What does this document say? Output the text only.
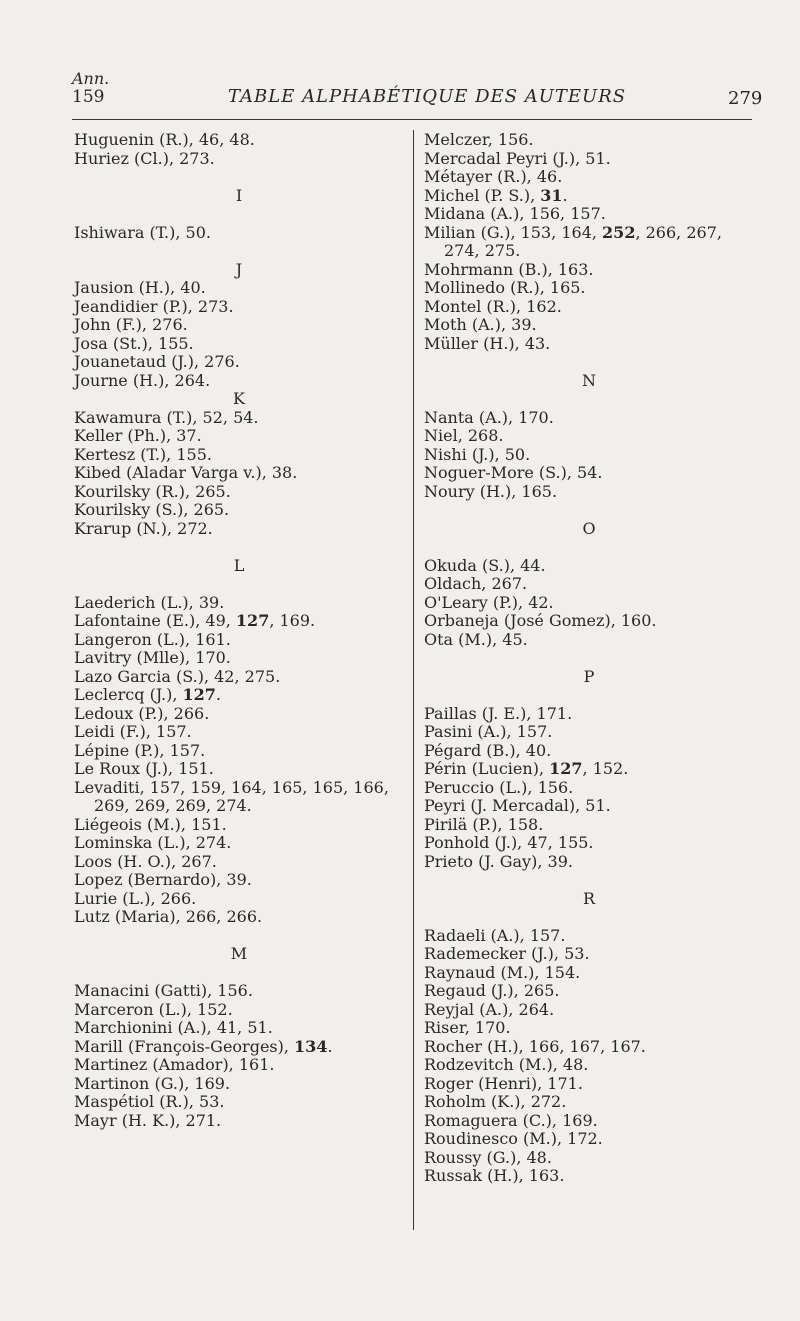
Ann.
159	TABLE ALPHABÉTIQUE DES AUTEURS	279
Huguenin (R.), 46, 48.
Huriez (Cl.), 273.
I
Ishiwara (T.), 50.
J
Jausion (H.), 40.
Jeandidier (P.), 273.
John (F.), 276.
Josa (St.), 155.
Jouanetaud (J.), 276.
Journe (H.), 264.
K
Kawamura (T.), 52, 54.
Keller (Ph.), 37.
Kertesz (T.), 155.
Kibed (Aladar Varga v.), 38.
Kourilsky (R.), 265.
Kourilsky (S.), 265.
Krarup (N.), 272.
L
Laederich (L.), 39.
Lafontaine (E.), 49, 127, 169.
Langeron (L.), 161.
Lavitry (Mlle), 170.
Lazo Garcia (S.), 42, 275.
Leclercq (J.), 127.
Ledoux (P.), 266.
Leidi (F.), 157.
Lépine (P.), 157.
Le Roux (J.), 151.
Levaditi, 157, 159, 164, 165, 165, 166, 269, 269, 269, 274.
Liégeois (M.), 151.
Lominska (L.), 274.
Loos (H. O.), 267.
Lopez (Bernardo), 39.
Lurie (L.), 266.
Lutz (Maria), 266, 266.
M
Manacini (Gatti), 156.
Marceron (L.), 152.
Marchionini (A.), 41, 51.
Marill (François-Georges), 134.
Martinez (Amador), 161.
Martinon (G.), 169.
Maspétiol (R.), 53.
Mayr (H. K.), 271.
Melczer, 156.
Mercadal Peyri (J.), 51.
Métayer (R.), 46.
Michel (P. S.), 31.
Midana (A.), 156, 157.
Milian (G.), 153, 164, 252, 266, 267, 274, 275.
Mohrmann (B.), 163.
Mollinedo (R.), 165.
Montel (R.), 162.
Moth (A.), 39.
Müller (H.), 43.
N
Nanta (A.), 170.
Niel, 268.
Nishi (J.), 50.
Noguer-More (S.), 54.
Noury (H.), 165.
O
Okuda (S.), 44.
Oldach, 267.
O'Leary (P.), 42.
Orbaneja (José Gomez), 160.
Ota (M.), 45.
P
Paillas (J. E.), 171.
Pasini (A.), 157.
Pégard (B.), 40.
Périn (Lucien), 127, 152.
Peruccio (L.), 156.
Peyri (J. Mercadal), 51.
Pirilä (P.), 158.
Ponhold (J.), 47, 155.
Prieto (J. Gay), 39.
R
Radaeli (A.), 157.
Rademecker (J.), 53.
Raynaud (M.), 154.
Regaud (J.), 265.
Reyjal (A.), 264.
Riser, 170.
Rocher (H.), 166, 167, 167.
Rodzevitch (M.), 48.
Roger (Henri), 171.
Roholm (K.), 272.
Romaguera (C.), 169.
Roudinesco (M.), 172.
Roussy (G.), 48.
Russak (H.), 163.
